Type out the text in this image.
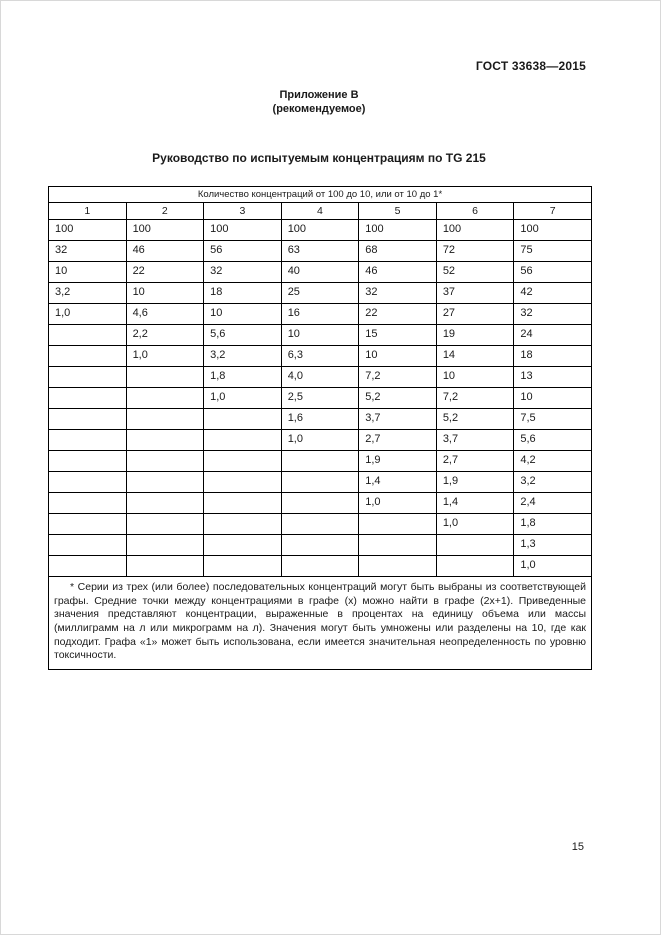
ГОСТ 33638—2015
Приложение В
(рекомендуемое)
Руководство по испытуемым концентрациям по TG 215
Количество концентраций от 100 до 10, или от 10 до 1*						
1	2	3	4	5	6	7
100	100	100	100	100	100	100
32	46	56	63	68	72	75
10	22	32	40	46	52	56
3,2	10	18	25	32	37	42
1,0	4,6	10	16	22	27	32
	2,2	5,6	10	15	19	24
	1,0	3,2	6,3	10	14	18
		1,8	4,0	7,2	10	13
		1,0	2,5	5,2	7,2	10
			1,6	3,7	5,2	7,5
			1,0	2,7	3,7	5,6
				1,9	2,7	4,2
				1,4	1,9	3,2
				1,0	1,4	2,4
					1,0	1,8
						1,3
						1,0
* Серии из трех (или более) последовательных концентраций могут быть выбраны из соответствующей графы. Средние точки между концентрациями в графе (х) можно найти в графе (2х+1). Приведенные значения представляют концентрации, выраженные в процентах на единицу объема или массы (миллиграмм на л или микрограмм на л). Значения могут быть умножены или разделены на 10, где как подходит. Графа «1» может быть использована, если имеется значительная неопределенность по уровню токсичности.						
15
